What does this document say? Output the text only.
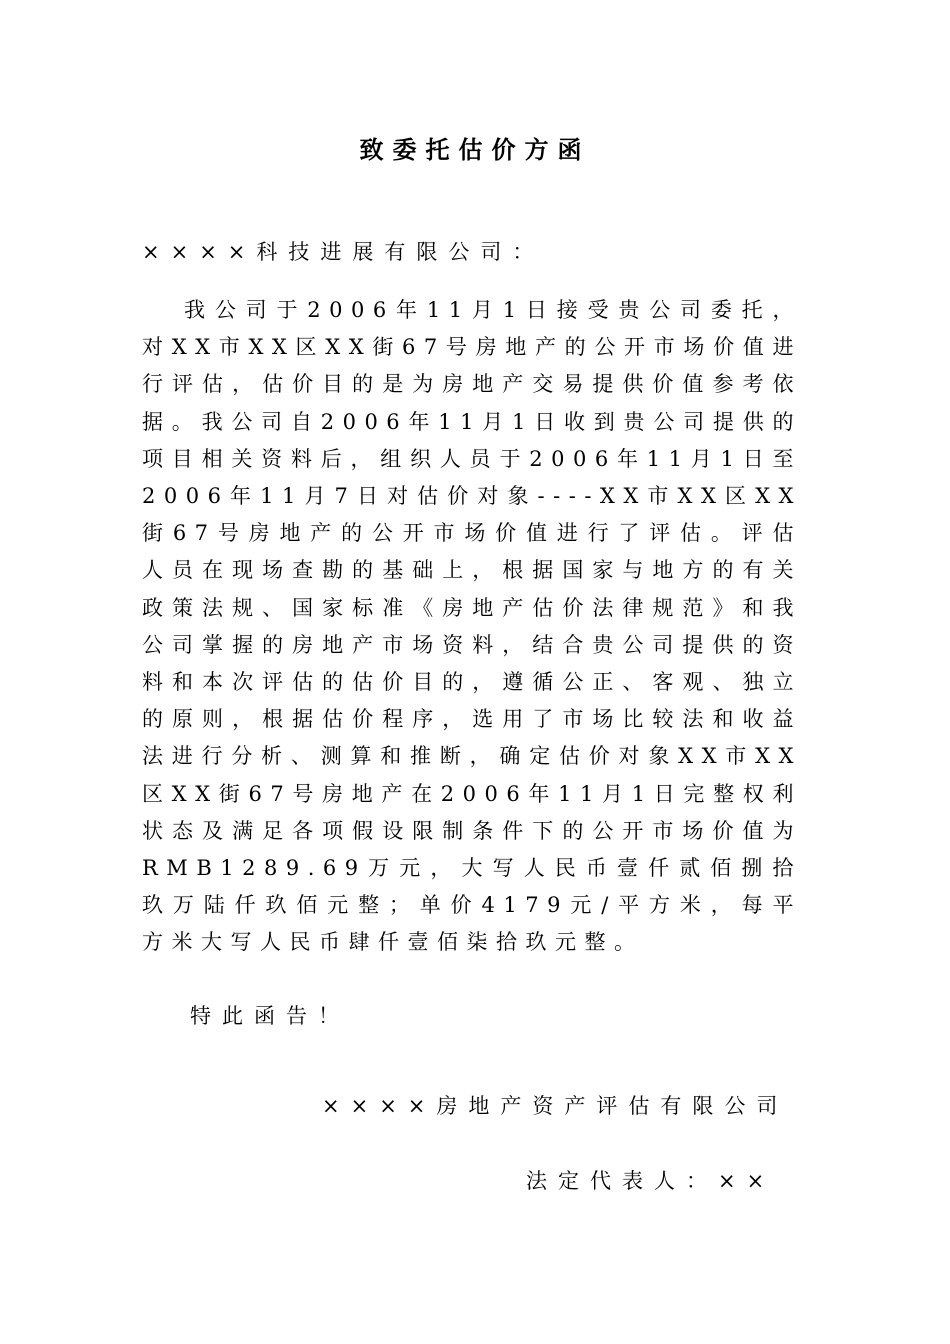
致委托估价方函
××××科技进展有限公司：

我公司于2006年11月1日接受贵公司委托，对XX市XX区XX街67号房地产的公开市场价值进行评估，估价目的是为房地产交易提供价值参考依据。我公司自2006年11月1日收到贵公司提供的项目相关资料后，组织人员于2006年11月1日至2006年11月7日对估价对象----XX市XX区XX街67号房地产的公开市场价值进行了评估。评估人员在现场查勘的基础上，根据国家与地方的有关政策法规、国家标准《房地产估价法律规范》和我公司掌握的房地产市场资料，结合贵公司提供的资料和本次评估的估价目的，遵循公正、客观、独立的原则，根据估价程序，选用了市场比较法和收益法进行分析、测算和推断，确定估价对象XX市XX区XX街67号房地产在2006年11月1日完整权利状态及满足各项假设限制条件下的公开市场价值为RMB1289.69万元，大写人民币壹仟贰佰捌拾玖万陆仟玖佰元整；单价4179元/平方米，每平方米大写人民币肆仟壹佰柒拾玖元整。

特此函告！
××××房地产资产评估有限公司
法定代表人：××
